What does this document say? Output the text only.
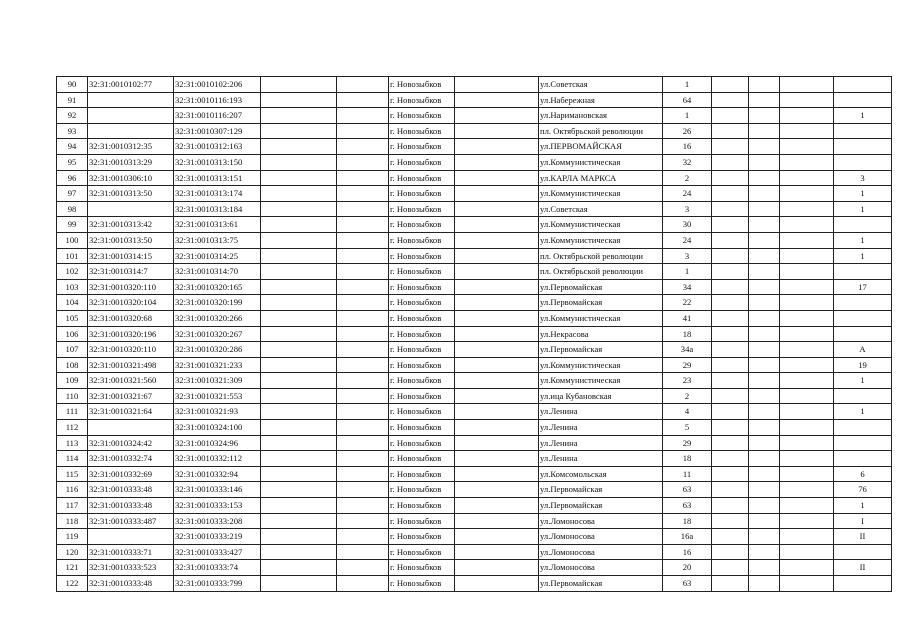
90	32:31:0010102:77	32:31:0010102:206			г. Новозыбков		ул.Советская	1				
91		32:31:0010116:193			г. Новозыбков		ул.Набережная	64				
92		32:31:0010116:207			г. Новозыбков		ул.Наримановская	1				1
93		32:31:0010307:129			г. Новозыбков		пл. Октябрьской революции	26				
94	32:31:0010312:35	32:31:0010312:163			г. Новозыбков		ул.ПЕРВОМАЙСКАЯ	16				
95	32:31:0010313:29	32:31:0010313:150			г. Новозыбков		ул.Коммунистическая	32				
96	32:31:0010306:10	32:31:0010313:151			г. Новозыбков		ул.КАРЛА МАРКСА	2				3
97	32:31:0010313:50	32:31:0010313:174			г. Новозыбков		ул.Коммунистическая	24				1
98		32:31:0010313:184			г. Новозыбков		ул.Советская	3				1
99	32:31:0010313:42	32:31:0010313:61			г. Новозыбков		ул.Коммунистическая	30				
100	32:31:0010313:50	32:31:0010313:75			г. Новозыбков		ул.Коммунистическая	24				1
101	32:31:0010314:15	32:31:0010314:25			г. Новозыбков		пл. Октябрьской революции	3				1
102	32:31:0010314:7	32:31:0010314:70			г. Новозыбков		пл. Октябрьской революции	1				
103	32:31:0010320:110	32:31:0010320:165			г. Новозыбков		ул.Первомайская	34				17
104	32:31:0010320:104	32:31:0010320:199			г. Новозыбков		ул.Первомайская	22				
105	32:31:0010320:68	32:31:0010320:266			г. Новозыбков		ул.Коммунистическая	41				
106	32:31:0010320:196	32:31:0010320:267			г. Новозыбков		ул.Некрасова	18				
107	32:31:0010320:110	32:31:0010320:286			г. Новозыбков		ул.Первомайская	34а				А
108	32:31:0010321:498	32:31:0010321:233			г. Новозыбков		ул.Коммунистическая	29				19
109	32:31:0010321:560	32:31:0010321:309			г. Новозыбков		ул.Коммунистическая	23				1
110	32:31:0010321:67	32:31:0010321:553			г. Новозыбков		ул.ица Кубановская	2				
111	32:31:0010321:64	32:31:0010321:93			г. Новозыбков		ул.Ленина	4				1
112		32:31:0010324:100			г. Новозыбков		ул.Ленина	5				
113	32:31:0010324:42	32:31:0010324:96			г. Новозыбков		ул.Ленина	29				
114	32:31:0010332:74	32:31:0010332:112			г. Новозыбков		ул.Ленина	18				
115	32:31:0010332:69	32:31:0010332:94			г. Новозыбков		ул.Комсомольская	11				6
116	32:31:0010333:48	32:31:0010333:146			г. Новозыбков		ул.Первомайская	63				76
117	32:31:0010333:48	32:31:0010333:153			г. Новозыбков		ул.Первомайская	63				1
118	32:31:0010333:487	32:31:0010333:208			г. Новозыбков		ул.Ломоносова	18				I
119		32:31:0010333:219			г. Новозыбков		ул.Ломоносова	16а				II
120	32:31:0010333:71	32:31:0010333:427			г. Новозыбков		ул.Ломоносова	16				
121	32:31:0010333:523	32:31:0010333:74			г. Новозыбков		ул.Ломоносова	20				II
122	32:31:0010333:48	32:31:0010333:799			г. Новозыбков		ул.Первомайская	63				
